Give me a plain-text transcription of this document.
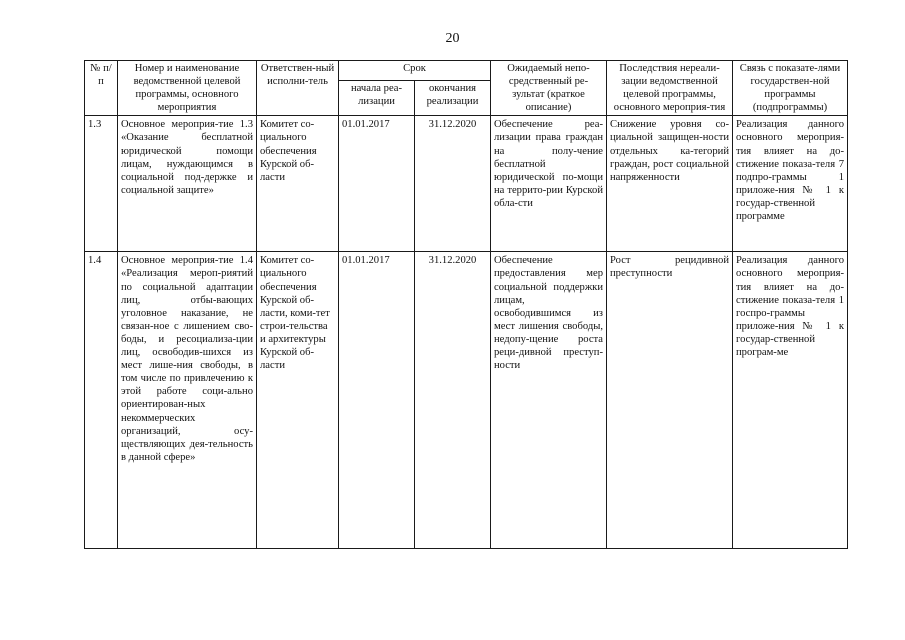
20
№ п/п	Номер и наименование ведомственной целевой программы, основного мероприятия	Ответствен-ный исполни-тель	Срок		Ожидаемый непо-средственный ре-зультат (краткое описание)	Последствия нереали-зации ведомственной целевой программы, основного мероприя-тия	Связь с показате-лями государствен-ной программы (подпрограммы)
			начала реа-лизации	окончания реализации			
1.3	Основное мероприя-тие 1.3 «Оказание бесплатной юридической помощи лицам, нуждающимся в социальной под-держке и социальной защите»	Комитет со-циального обеспечения Курской об-ласти	01.01.2017	31.12.2020	Обеспечение реа-лизации права граждан на полу-чение бесплатной юридической по-мощи на террито-рии Курской обла-сти	Снижение уровня со-циальной защищен-ности отдельных ка-тегорий граждан, рост социальной напряженности	Реализация данного основного мероприя-тия влияет на до-стижение показа-теля 7 подпро-граммы 1 приложе-ния № 1 к государ-ственной программе
1.4	Основное мероприя-тие 1.4 «Реализация мероп-риятий по социальной адаптации лиц, отбы-вающих уголовное наказание, не связан-ное с лишением сво-боды, и ресоциализа-ции лиц, освободив-шихся из мест лише-ния свободы, в том числе по привлечению к этой работе соци-ально ориентирован-ных некоммерческих организаций, осу-ществляющих дея-тельность в данной сфере»	Комитет со-циального обеспечения Курской об-ласти, коми-тет строи-тельства и архитектуры Курской об-ласти	01.01.2017	31.12.2020	Обеспечение предоставления мер социальной поддержки лицам, освободившимся из мест лишения свободы, недопу-щение роста реци-дивной преступ-ности	Рост рецидивной преступности	Реализация данного основного мероприя-тия влияет на до-стижение показа-теля 1 госпро-граммы приложе-ния № 1 к государ-ственной програм-ме
